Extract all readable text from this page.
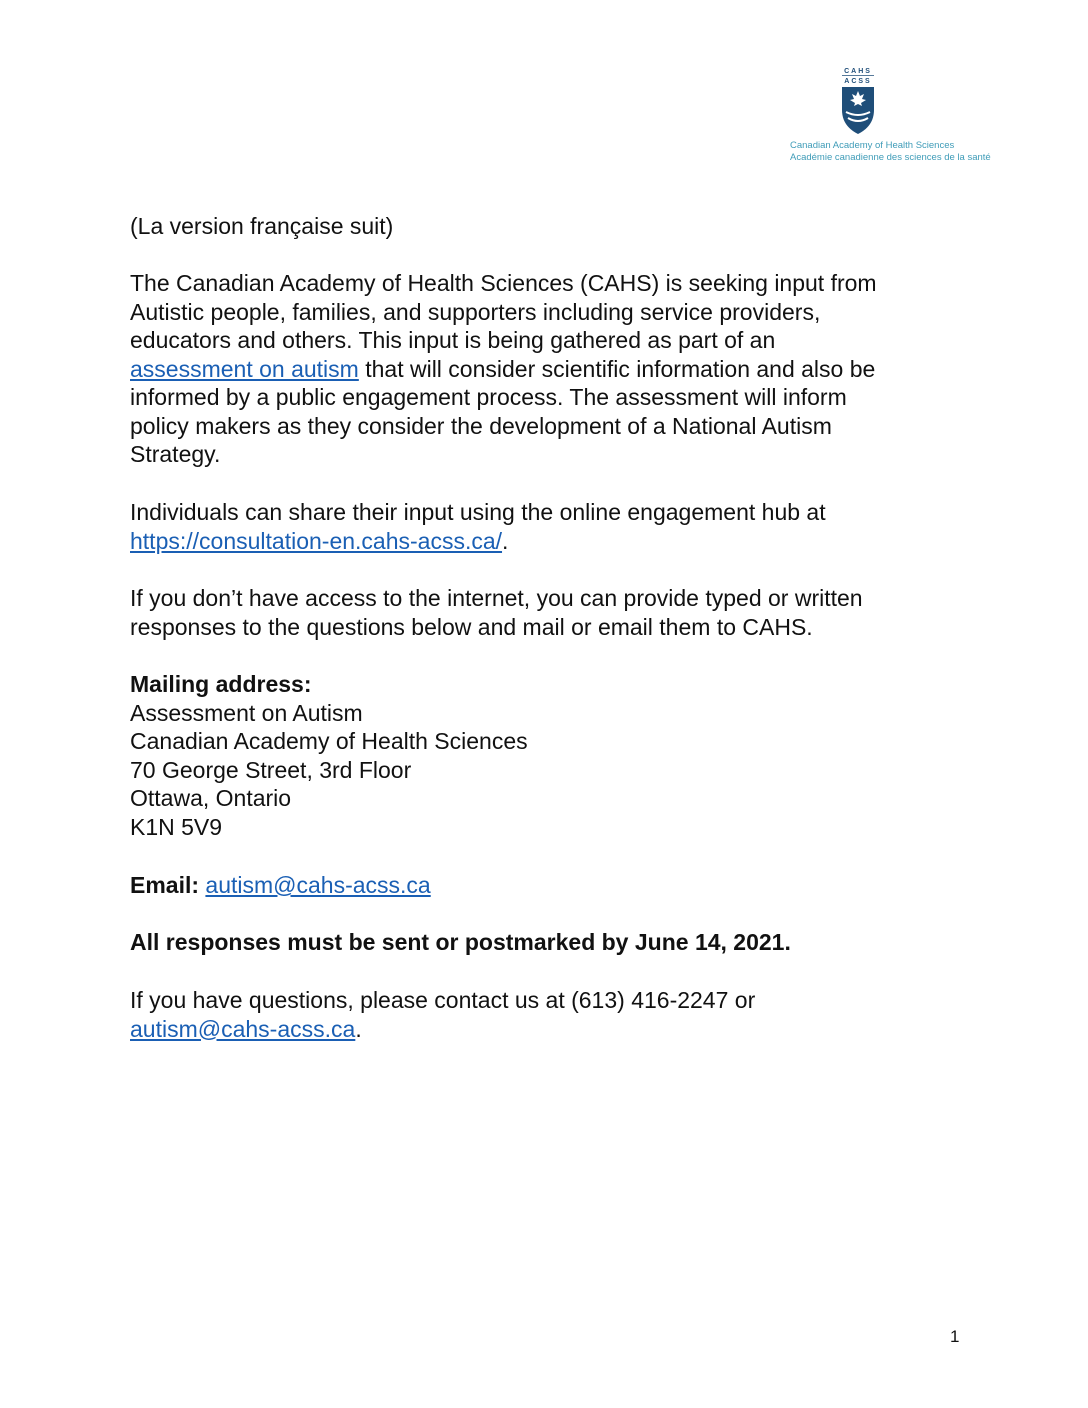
CAHS
ACSS
Canadian Academy of Health Sciences
Académie canadienne des sciences de la santé

(La version française suit)

The Canadian Academy of Health Sciences (CAHS) is seeking input from

Autistic people, families, and supporters including service providers,

educators and others. This input is being gathered as part of an

assessment on autism that will consider scientific information and also be

informed by a public engagement process. The assessment will inform

policy makers as they consider the development of a National Autism

Strategy.

Individuals can share their input using the online engagement hub at

https://consultation-en.cahs-acss.ca/.

If you don’t have access to the internet, you can provide typed or written

responses to the questions below and mail or email them to CAHS.

Mailing address:

Assessment on Autism

Canadian Academy of Health Sciences

70 George Street, 3rd Floor

Ottawa, Ontario

K1N 5V9

Email: autism@cahs-acss.ca

All responses must be sent or postmarked by June 14, 2021.

If you have questions, please contact us at (613) 416-2247 or

autism@cahs-acss.ca.

1
